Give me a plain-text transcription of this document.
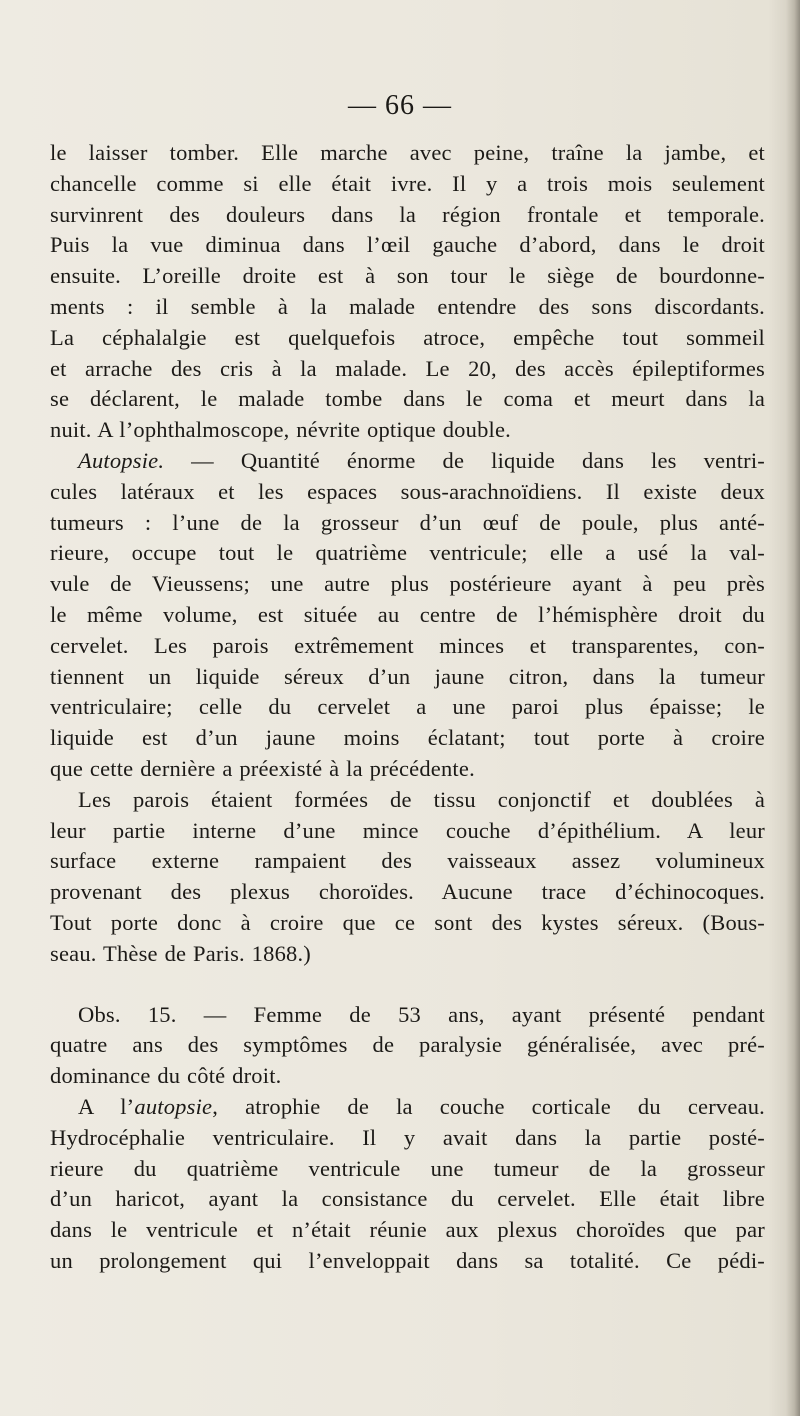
— 66 —
le laisser tomber. Elle marche avec peine, traîne la jambe, et
chancelle comme si elle était ivre. Il y a trois mois seulement
survinrent des douleurs dans la région frontale et temporale.
Puis la vue diminua dans l’œil gauche d’abord, dans le droit
ensuite. L’oreille droite est à son tour le siège de bourdonne-
ments : il semble à la malade entendre des sons discordants.
La céphalalgie est quelquefois atroce, empêche tout sommeil
et arrache des cris à la malade. Le 20, des accès épileptiformes
se déclarent, le malade tombe dans le coma et meurt dans la
nuit. A l’ophthalmoscope, névrite optique double.
Autopsie. — Quantité énorme de liquide dans les ventri-
cules latéraux et les espaces sous-arachnoïdiens. Il existe deux
tumeurs : l’une de la grosseur d’un œuf de poule, plus anté-
rieure, occupe tout le quatrième ventricule; elle a usé la val-
vule de Vieussens; une autre plus postérieure ayant à peu près
le même volume, est située au centre de l’hémisphère droit du
cervelet. Les parois extrêmement minces et transparentes, con-
tiennent un liquide séreux d’un jaune citron, dans la tumeur
ventriculaire; celle du cervelet a une paroi plus épaisse; le
liquide est d’un jaune moins éclatant; tout porte à croire
que cette dernière a préexisté à la précédente.
Les parois étaient formées de tissu conjonctif et doublées à
leur partie interne d’une mince couche d’épithélium. A leur
surface externe rampaient des vaisseaux assez volumineux
provenant des plexus choroïdes. Aucune trace d’échinocoques.
Tout porte donc à croire que ce sont des kystes séreux. (Bous-
seau. Thèse de Paris. 1868.)
Obs. 15. — Femme de 53 ans, ayant présenté pendant
quatre ans des symptômes de paralysie généralisée, avec pré-
dominance du côté droit.
A l’autopsie, atrophie de la couche corticale du cerveau.
Hydrocéphalie ventriculaire. Il y avait dans la partie posté-
rieure du quatrième ventricule une tumeur de la grosseur
d’un haricot, ayant la consistance du cervelet. Elle était libre
dans le ventricule et n’était réunie aux plexus choroïdes que par
un prolongement qui l’enveloppait dans sa totalité. Ce pédi-
